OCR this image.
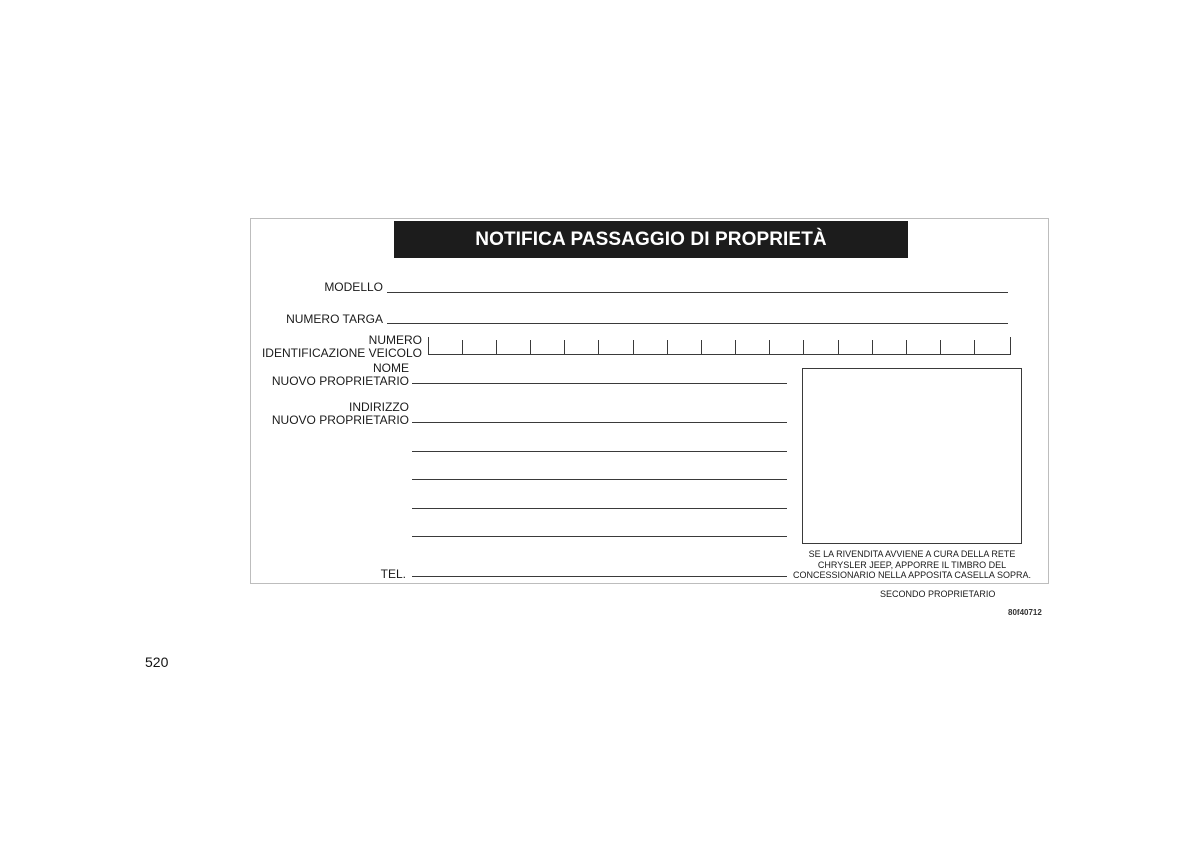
NOTIFICA PASSAGGIO DI PROPRIETÀ
MODELLO
NUMERO TARGA
NUMERO
IDENTIFICAZIONE VEICOLO
NOME
NUOVO PROPRIETARIO
INDIRIZZO
NUOVO PROPRIETARIO
TEL.
SE LA RIVENDITA AVVIENE A CURA DELLA RETE
CHRYSLER JEEP, APPORRE IL TIMBRO DEL
CONCESSIONARIO NELLA APPOSITA CASELLA SOPRA.
SECONDO PROPRIETARIO
80f40712
520
